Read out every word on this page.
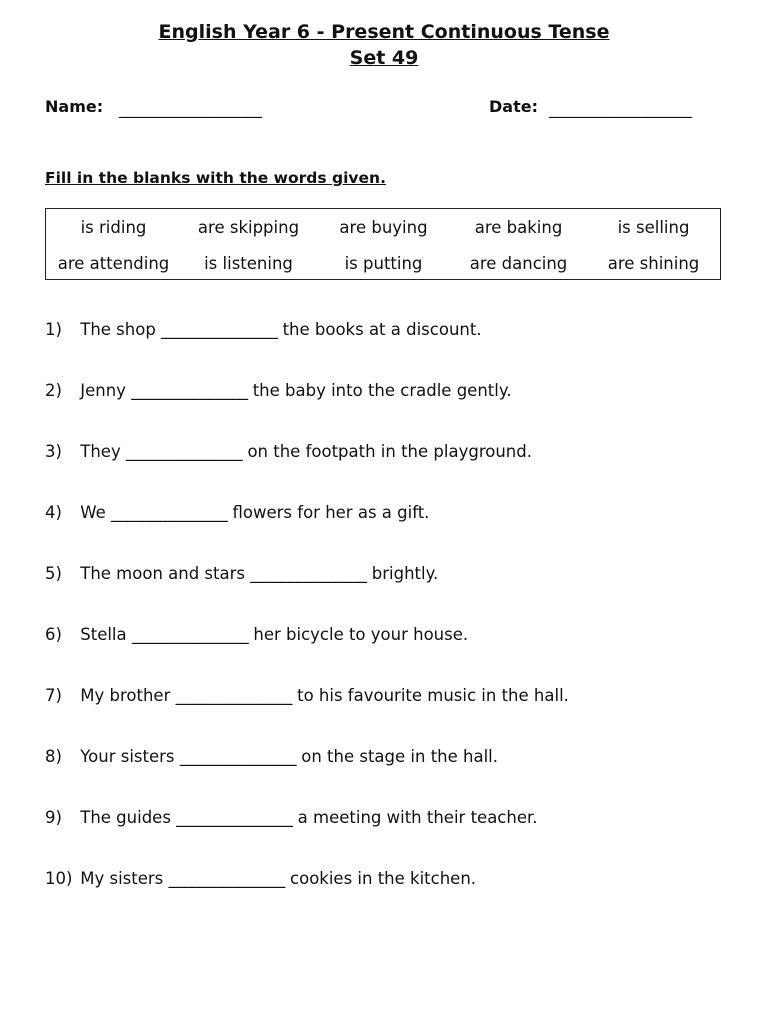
English Year 6 - Present Continuous Tense
Set 49
Name: ___________________	Date: ___________________
Fill in the blanks with the words given.
is riding	are skipping	are buying	are baking	is selling
are attending	is listening	is putting	are dancing	are shining
1) The shop _______________ the books at a discount.
2) Jenny _______________ the baby into the cradle gently.
3) They _______________ on the footpath in the playground.
4) We _______________ flowers for her as a gift.
5) The moon and stars _______________ brightly.
6) Stella _______________ her bicycle to your house.
7) My brother _______________ to his favourite music in the hall.
8) Your sisters _______________ on the stage in the hall.
9) The guides _______________ a meeting with their teacher.
10) My sisters _______________ cookies in the kitchen.
